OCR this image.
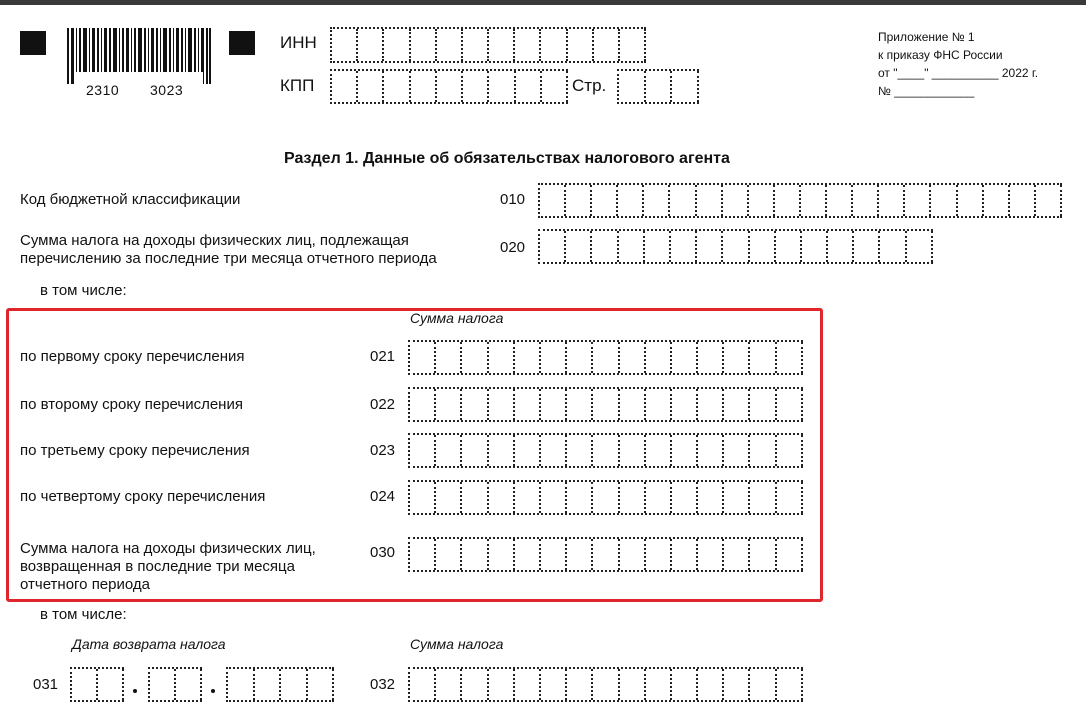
2310 3023
ИНН
КПП	Стр.
Приложение № 1
к приказу ФНС России
от "____" __________ 2022 г.
№ ____________
Раздел 1. Данные об обязательствах налогового агента
Код бюджетной классификации	010
Сумма налога на доходы физических лиц, подлежащая
перечислению за последние три месяца отчетного периода
020
в том числе:
Сумма налога
по первому сроку перечисления	021
по второму сроку перечисления	022
по третьему сроку перечисления	023
по четвертому сроку перечисления	024
Сумма налога на доходы физических лиц,
возвращенная в последние три месяца
отчетного периода
030
в том числе:
Дата возврата налога	Сумма налога
031	032
